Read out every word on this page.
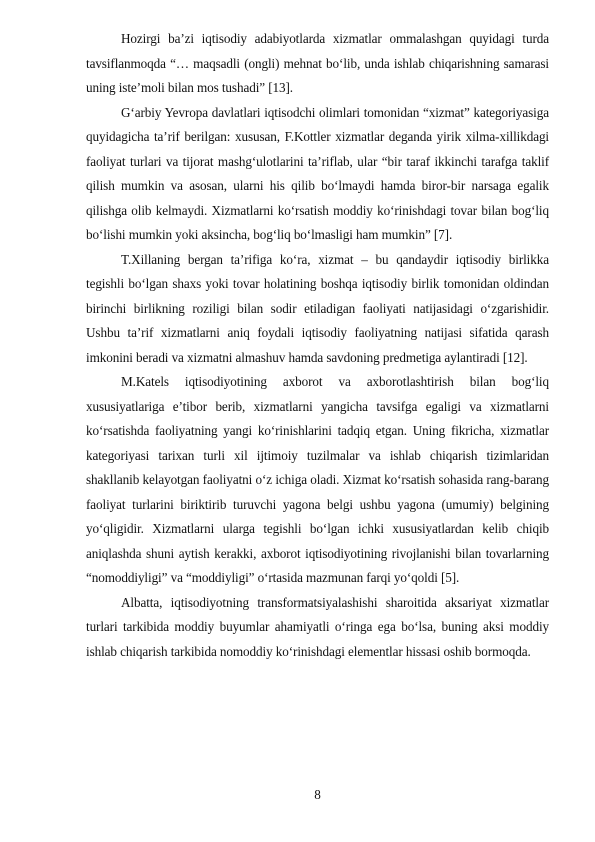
Hozirgi ba’zi iqtisodiy adabiyotlarda xizmatlar ommalashgan quyidagi turda tavsiflanmoqda “… maqsadli (ongli) mehnat bo‘lib, unda ishlab chiqarishning samarasi uning iste’moli bilan mos tushadi” [13].

G‘arbiy Yevropa davlatlari iqtisodchi olimlari tomonidan “xizmat” kategoriyasiga quyidagicha ta’rif berilgan: xususan, F.Kottler xizmatlar deganda yirik xilma-xillikdagi faoliyat turlari va tijorat mashg‘ulotlarini ta’riflab, ular “bir taraf ikkinchi tarafga taklif qilish mumkin va asosan, ularni his qilib bo‘lmaydi hamda biror-bir narsaga egalik qilishga olib kelmaydi. Xizmatlarni ko‘rsatish moddiy ko‘rinishdagi tovar bilan bog‘liq bo‘lishi mumkin yoki aksincha, bog‘liq bo‘lmasligi ham mumkin” [7].

T.Xillaning bergan ta’rifiga ko‘ra, xizmat – bu qandaydir iqtisodiy birlikka tegishli bo‘lgan shaxs yoki tovar holatining boshqa iqtisodiy birlik tomonidan oldindan birinchi birlikning roziligi bilan sodir etiladigan faoliyati natijasidagi o‘zgarishidir. Ushbu ta’rif xizmatlarni aniq foydali iqtisodiy faoliyatning natijasi sifatida qarash imkonini beradi va xizmatni almashuv hamda savdoning predmetiga aylantiradi [12].

M.Katels iqtisodiyotining axborot va axborotlashtirish bilan bog‘liq xususiyatlariga e’tibor berib, xizmatlarni yangicha tavsifga egaligi va xizmatlarni ko‘rsatishda faoliyatning yangi ko‘rinishlarini tadqiq etgan. Uning fikricha, xizmatlar kategoriyasi tarixan turli xil ijtimoiy tuzilmalar va ishlab chiqarish tizimlaridan shakllanib kelayotgan faoliyatni o‘z ichiga oladi. Xizmat ko‘rsatish sohasida rang-barang faoliyat turlarini biriktirib turuvchi yagona belgi ushbu yagona (umumiy) belgining yo‘qligidir. Xizmatlarni ularga tegishli bo‘lgan ichki xususiyatlardan kelib chiqib aniqlashda shuni aytish kerakki, axborot iqtisodiyotining rivojlanishi bilan tovarlarning “nomoddiyligi” va “moddiyligi” o‘rtasida mazmunan farqi yo‘qoldi [5].

Albatta, iqtisodiyotning transformatsiyalashishi sharoitida aksariyat xizmatlar turlari tarkibida moddiy buyumlar ahamiyatli o‘ringa ega bo‘lsa, buning aksi moddiy ishlab chiqarish tarkibida nomoddiy ko‘rinishdagi elementlar hissasi oshib bormoqda.

8
